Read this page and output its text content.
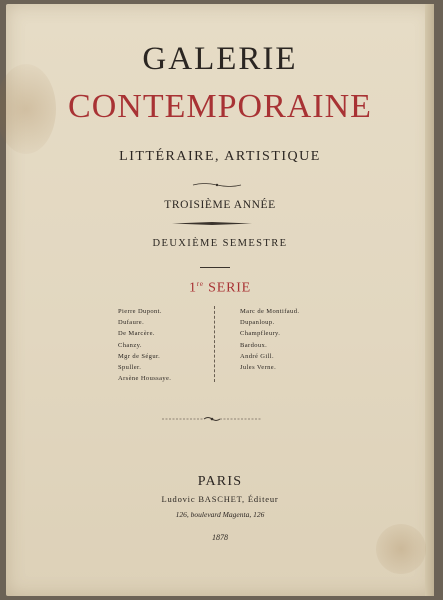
GALERIE
CONTEMPORAINE
LITTÉRAIRE, ARTISTIQUE
TROISIÈME ANNÉE
DEUXIÈME SEMESTRE
1re SERIE
Pierre Dupont.
Dufaure.
De Marcère.
Chanzy.
Mgr de Ségur.
Spuller.
Arsène Houssaye.
Marc de Montifaud.
Dupanloup.
Champfleury.
Bardoux.
André Gill.
Jules Verne.
PARIS
Ludovic BASCHET, Éditeur
126, boulevard Magenta, 126
1878
